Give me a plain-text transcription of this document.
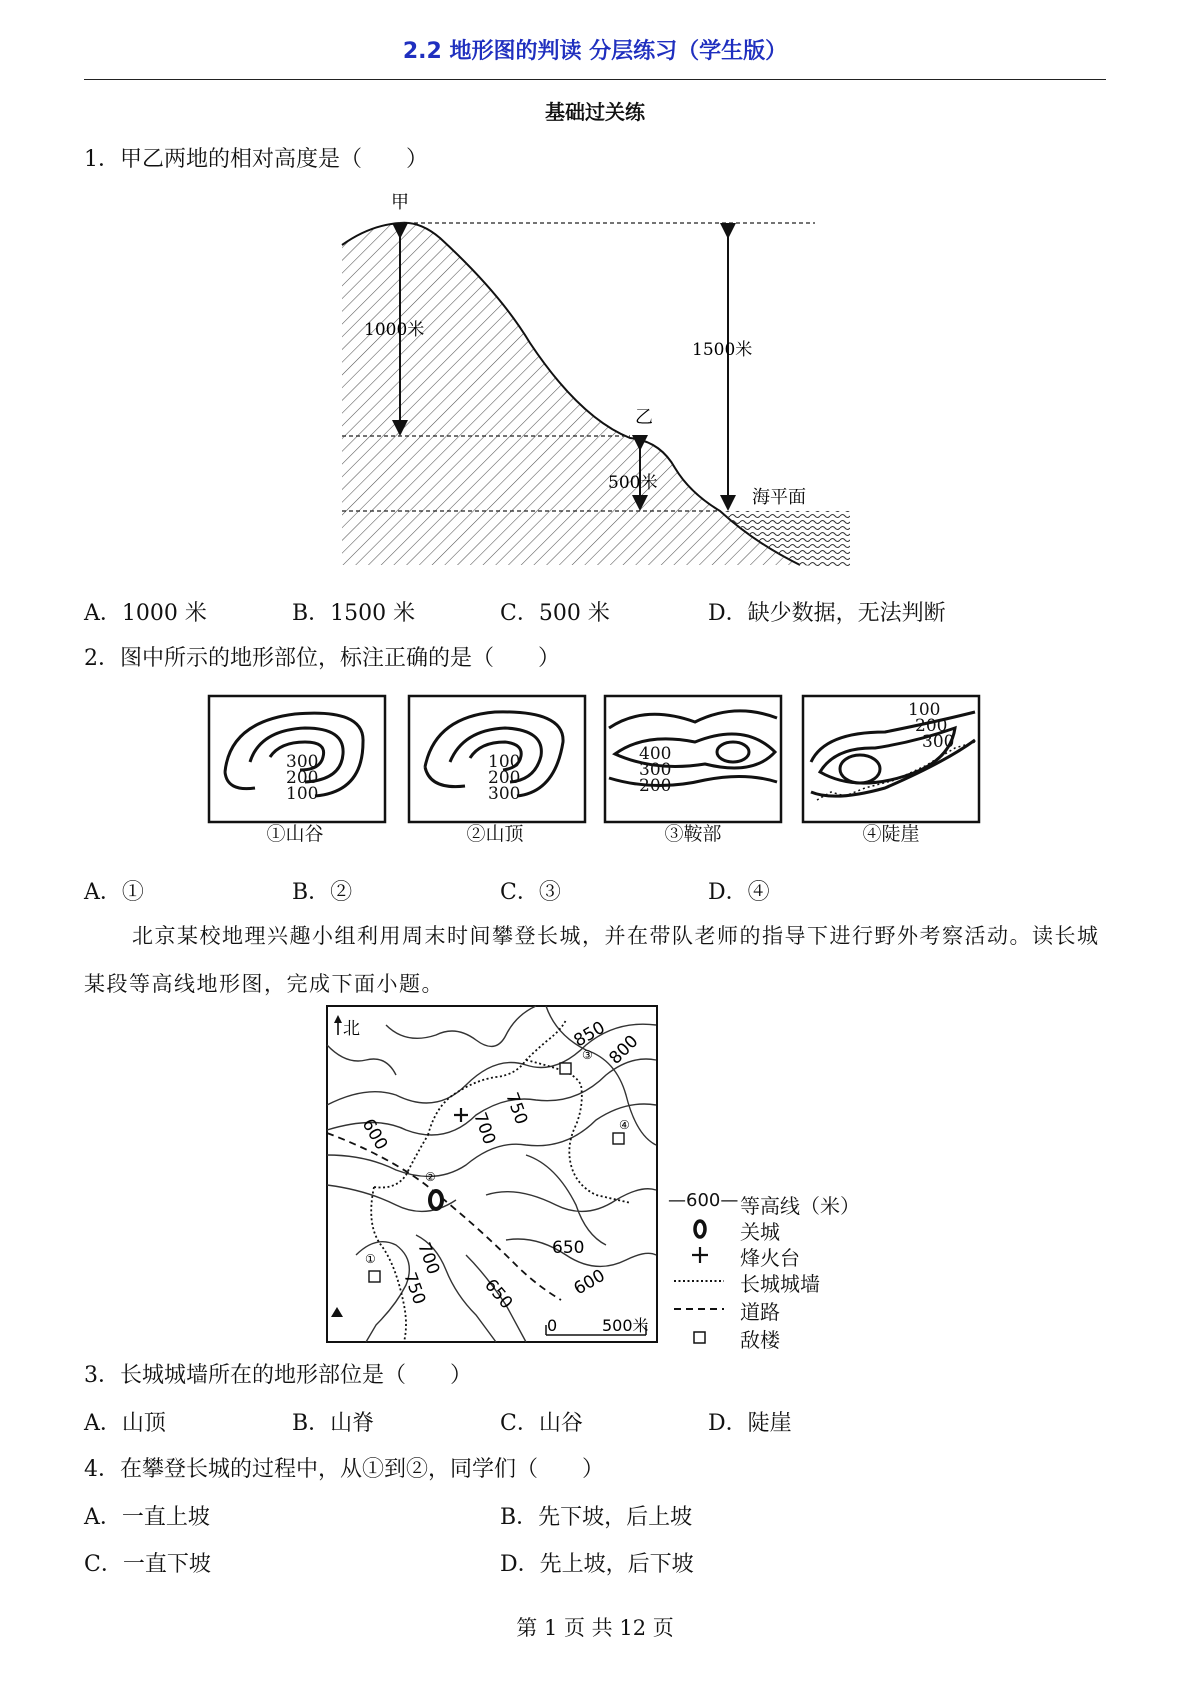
2.2 地形图的判读 分层练习（学生版）
基础过关练
1．甲乙两地的相对高度是（　　）
甲
乙
1000米
1500米
500米
海平面
A．1000 米	B．1500 米	C．500 米	D．缺少数据，无法判断
2．图中所示的地形部位，标注正确的是（　　）
300
200
100
100
200
300
400
300
200
100
200
300
①山谷	②山顶	③鞍部	④陡崖
A．①	B．②	C．③	D．④

北京某校地理兴趣小组利用周末时间攀登长城，并在带队老师的指导下进行野外考察活动。读长城某段等高线地形图，完成下面小题。

北	850
800
750
700
600
650
600
700
750	650
①
②
③
④
0	500米
—600— 等高线（米）
关城
烽火台
长城城墙
道路
敌楼
3．长城城墙所在的地形部位是（　　）
A．山顶	B．山脊	C．山谷	D．陡崖
4．在攀登长城的过程中，从①到②，同学们（　　）
A．一直上坡	B．先下坡，后上坡
C．一直下坡	D．先上坡，后下坡
第 1 页 共 12 页
